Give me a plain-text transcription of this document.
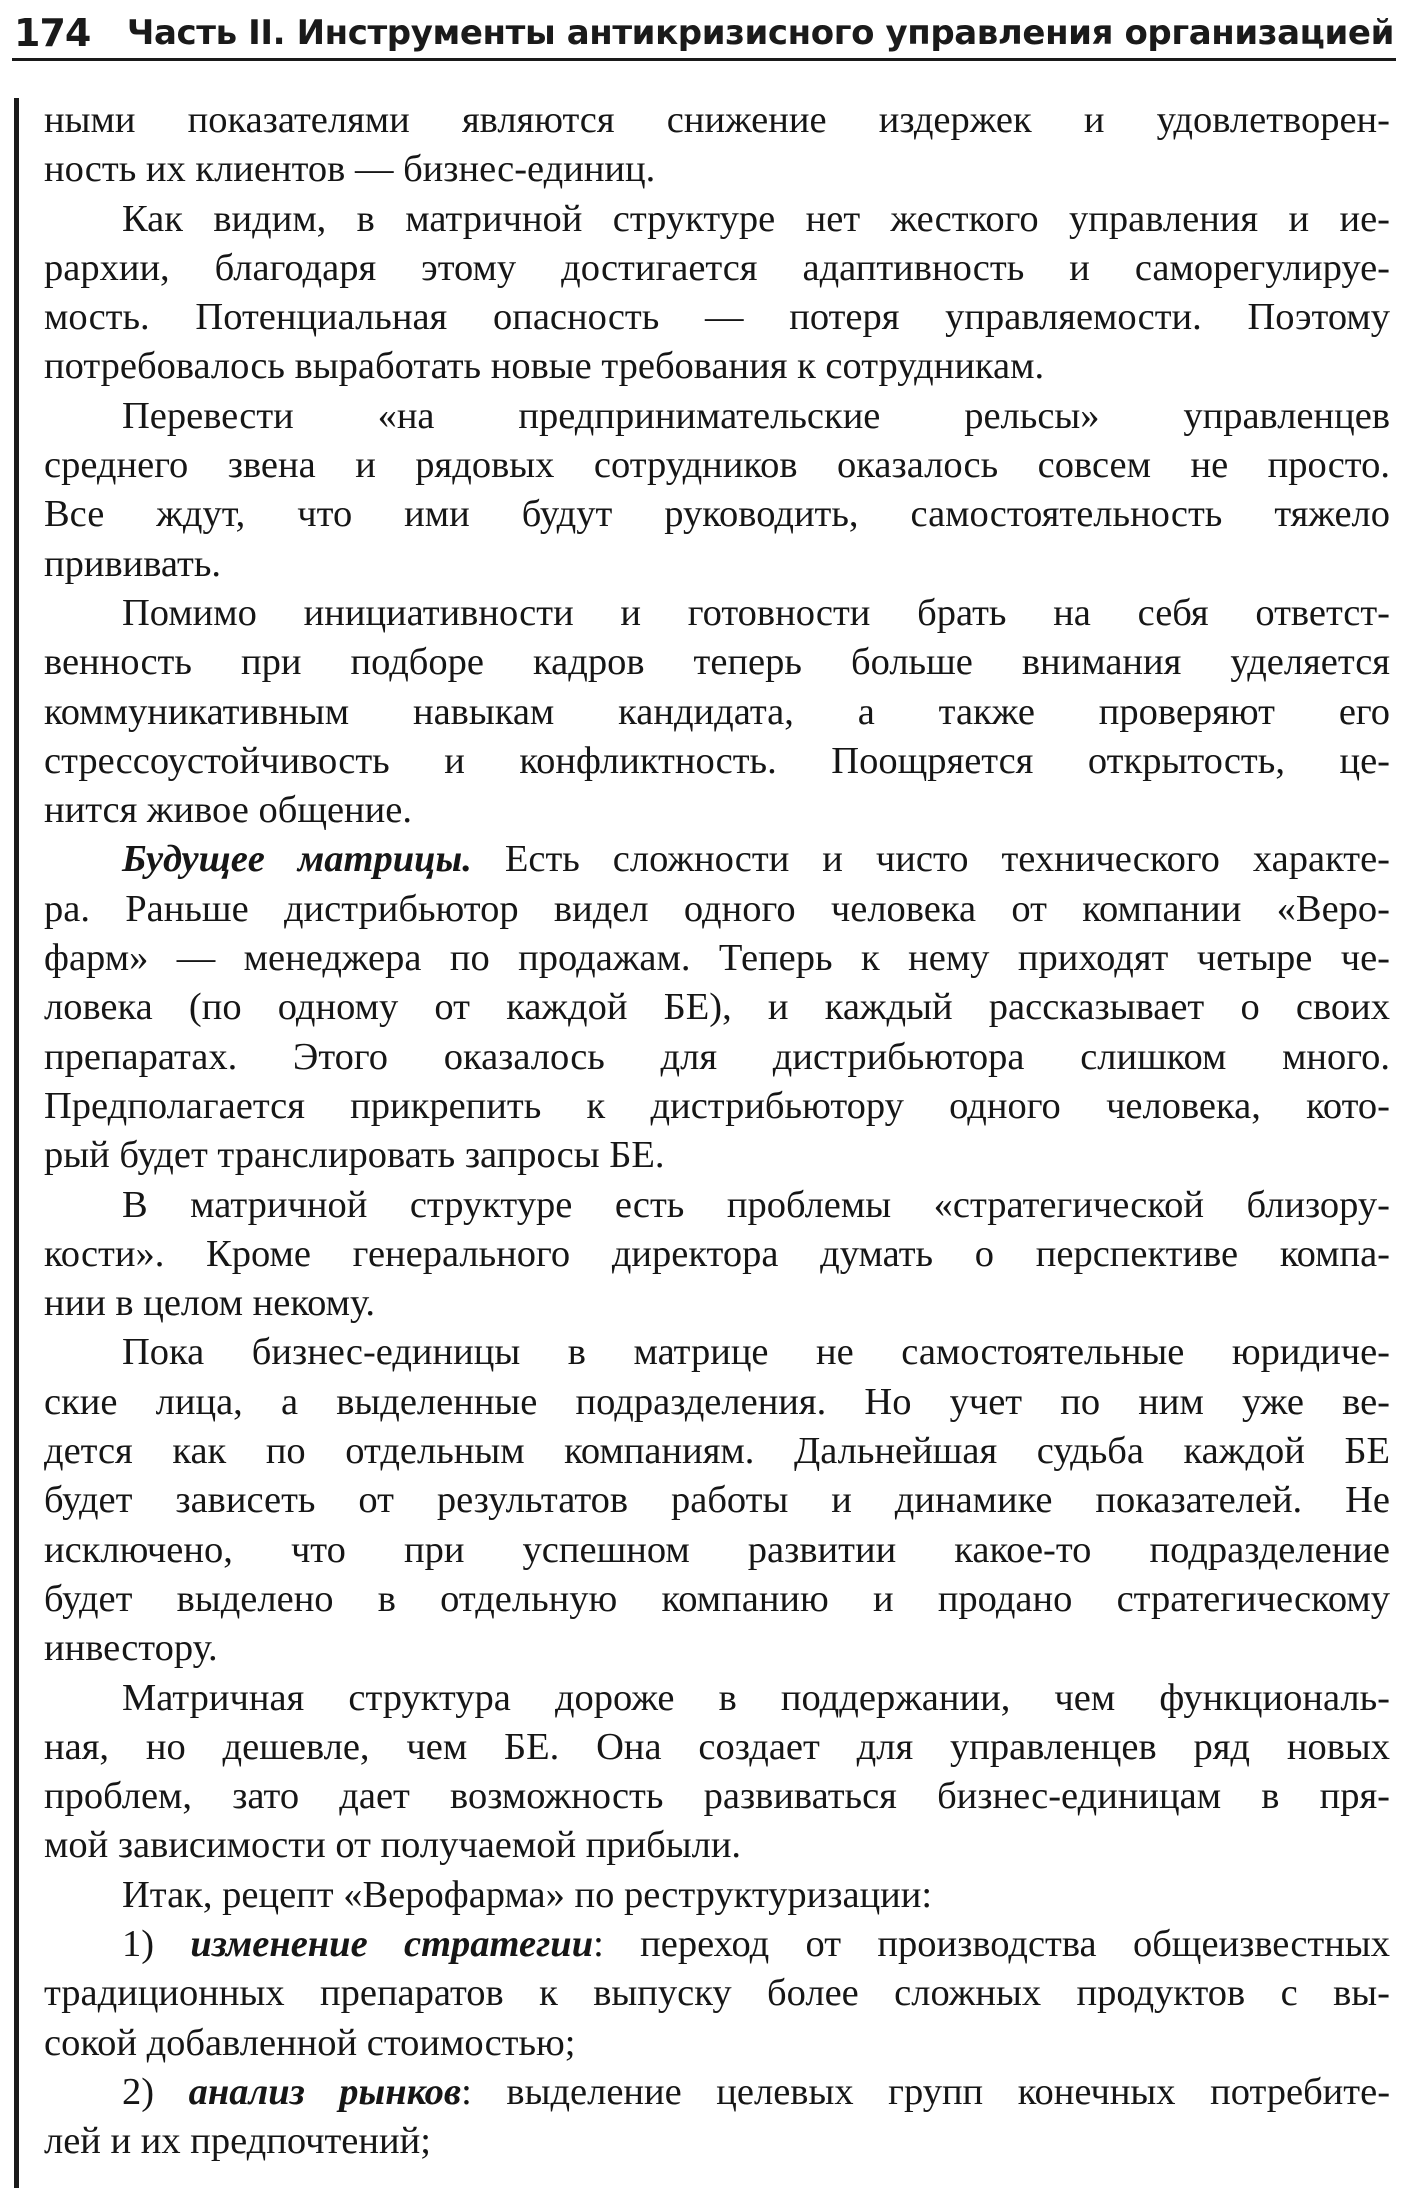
174 Часть II. Инструменты антикризисного управления организацией
ными показателями являются снижение издержек и удовлетворен-
ность их клиентов — бизнес-единиц.
Как видим, в матричной структуре нет жесткого управления и ие-
рархии, благодаря этому достигается адаптивность и саморегулируе-
мость. Потенциальная опасность — потеря управляемости. Поэтому
потребовалось выработать новые требования к сотрудникам.
Перевести «на предпринимательские рельсы» управленцев
среднего звена и рядовых сотрудников оказалось совсем не просто.
Все ждут, что ими будут руководить, самостоятельность тяжело
прививать.
Помимо инициативности и готовности брать на себя ответст-
венность при подборе кадров теперь больше внимания уделяется
коммуникативным навыкам кандидата, а также проверяют его
стрессоустойчивость и конфликтность. Поощряется открытость, це-
нится живое общение.
Будущее матрицы. Есть сложности и чисто технического характе-
ра. Раньше дистрибьютор видел одного человека от компании «Веро-
фарм» — менеджера по продажам. Теперь к нему приходят четыре че-
ловека (по одному от каждой БЕ), и каждый рассказывает о своих
препаратах. Этого оказалось для дистрибьютора слишком много.
Предполагается прикрепить к дистрибьютору одного человека, кото-
рый будет транслировать запросы БЕ.
В матричной структуре есть проблемы «стратегической близору-
кости». Кроме генерального директора думать о перспективе компа-
нии в целом некому.
Пока бизнес-единицы в матрице не самостоятельные юридиче-
ские лица, а выделенные подразделения. Но учет по ним уже ве-
дется как по отдельным компаниям. Дальнейшая судьба каждой БЕ
будет зависеть от результатов работы и динамике показателей. Не
исключено, что при успешном развитии какое-то подразделение
будет выделено в отдельную компанию и продано стратегическому
инвестору.
Матричная структура дороже в поддержании, чем функциональ-
ная, но дешевле, чем БЕ. Она создает для управленцев ряд новых
проблем, зато дает возможность развиваться бизнес-единицам в пря-
мой зависимости от получаемой прибыли.
Итак, рецепт «Верофарма» по реструктуризации:
1) изменение стратегии: переход от производства общеизвестных
традиционных препаратов к выпуску более сложных продуктов с вы-
сокой добавленной стоимостью;
2) анализ рынков: выделение целевых групп конечных потребите-
лей и их предпочтений;
